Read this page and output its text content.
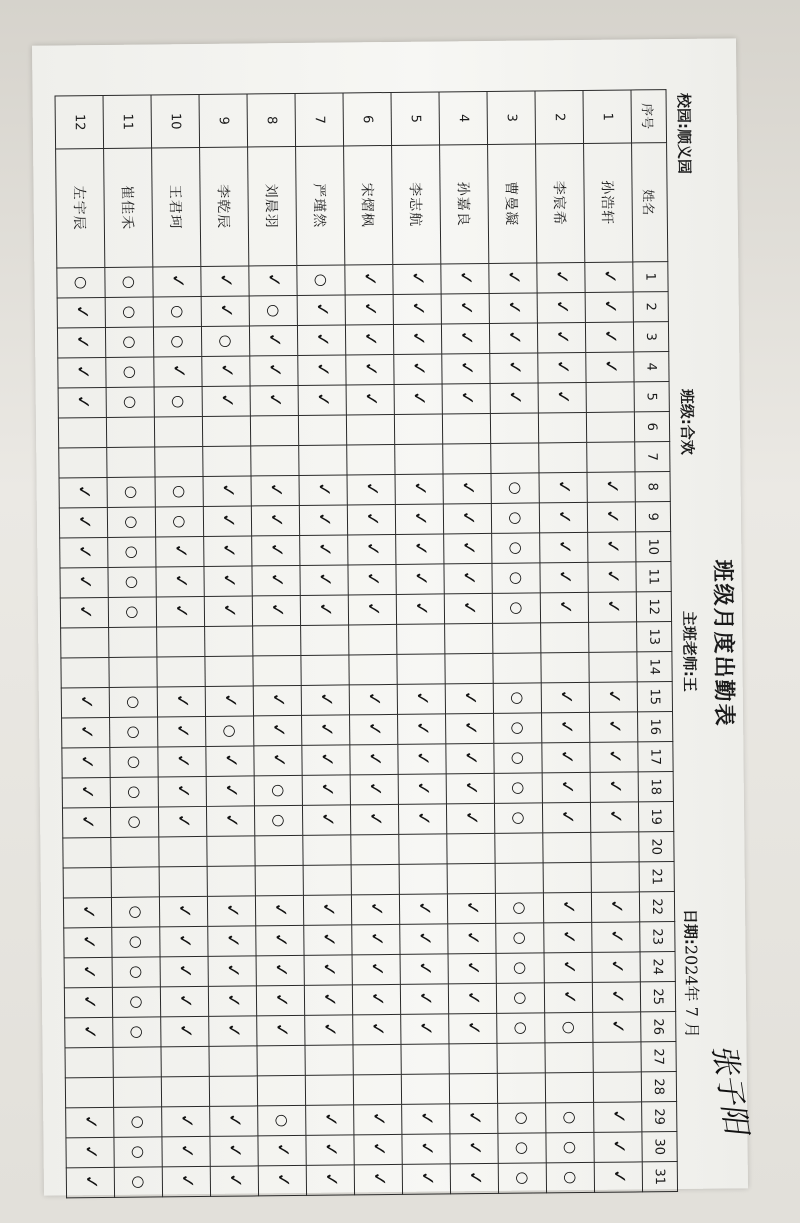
班级月度出勤表
张子阳
校园:顺义园
班级:合欢
主班老师:王
日期:2024年 7 月
序号	姓名	1	2	3	4	5	6	7	8	9	10	11	12	13	14	15	16	17	18	19	20	21	22	23	24	25	26	27	28	29	30	31
1	孙浩轩	✓	✓	✓	✓				✓	✓	✓	✓	✓			✓	✓	✓	✓	✓			✓	✓	✓	✓	✓			✓	✓	✓
2	李宸希	✓	✓	✓	✓	✓			✓	✓	✓	✓	✓			✓	✓	✓	✓	✓			✓	✓	✓	✓	○			○	○	○
3	曹曼凝	✓	✓	✓	✓	✓			○	○	○	○	○			○	○	○	○	○			○	○	○	○	○			○	○	○
4	孙嘉良	✓	✓	✓	✓	✓			✓	✓	✓	✓	✓			✓	✓	✓	✓	✓			✓	✓	✓	✓	✓			✓	✓	✓
5	李志航	✓	✓	✓	✓	✓			✓	✓	✓	✓	✓			✓	✓	✓	✓	✓			✓	✓	✓	✓	✓			✓	✓	✓
6	宋熠枫	✓	✓	✓	✓	✓			✓	✓	✓	✓	✓			✓	✓	✓	✓	✓			✓	✓	✓	✓	✓			✓	✓	✓
7	严瑾然	○	✓	✓	✓	✓			✓	✓	✓	✓	✓			✓	✓	✓	✓	✓			✓	✓	✓	✓	✓			✓	✓	✓
8	刘晨羽	✓	○	✓	✓	✓			✓	✓	✓	✓	✓			✓	✓	✓	○	○			✓	✓	✓	✓	✓			○	✓	✓
9	李乾辰	✓	✓	○	✓	✓			✓	✓	✓	✓	✓			✓	○	✓	✓	✓			✓	✓	✓	✓	✓			✓	✓	✓
10	王君珂	✓	○	○	✓	○			○	○	✓	✓	✓			✓	✓	✓	✓	✓			✓	✓	✓	✓	✓			✓	✓	✓
11	崔佳禾	○	○	○	○	○			○	○	○	○	○			○	○	○	○	○			○	○	○	○	○			○	○	○
12	左宇辰	○	✓	✓	✓	✓			✓	✓	✓	✓	✓			✓	✓	✓	✓	✓			✓	✓	✓	✓	✓			✓	✓	✓
